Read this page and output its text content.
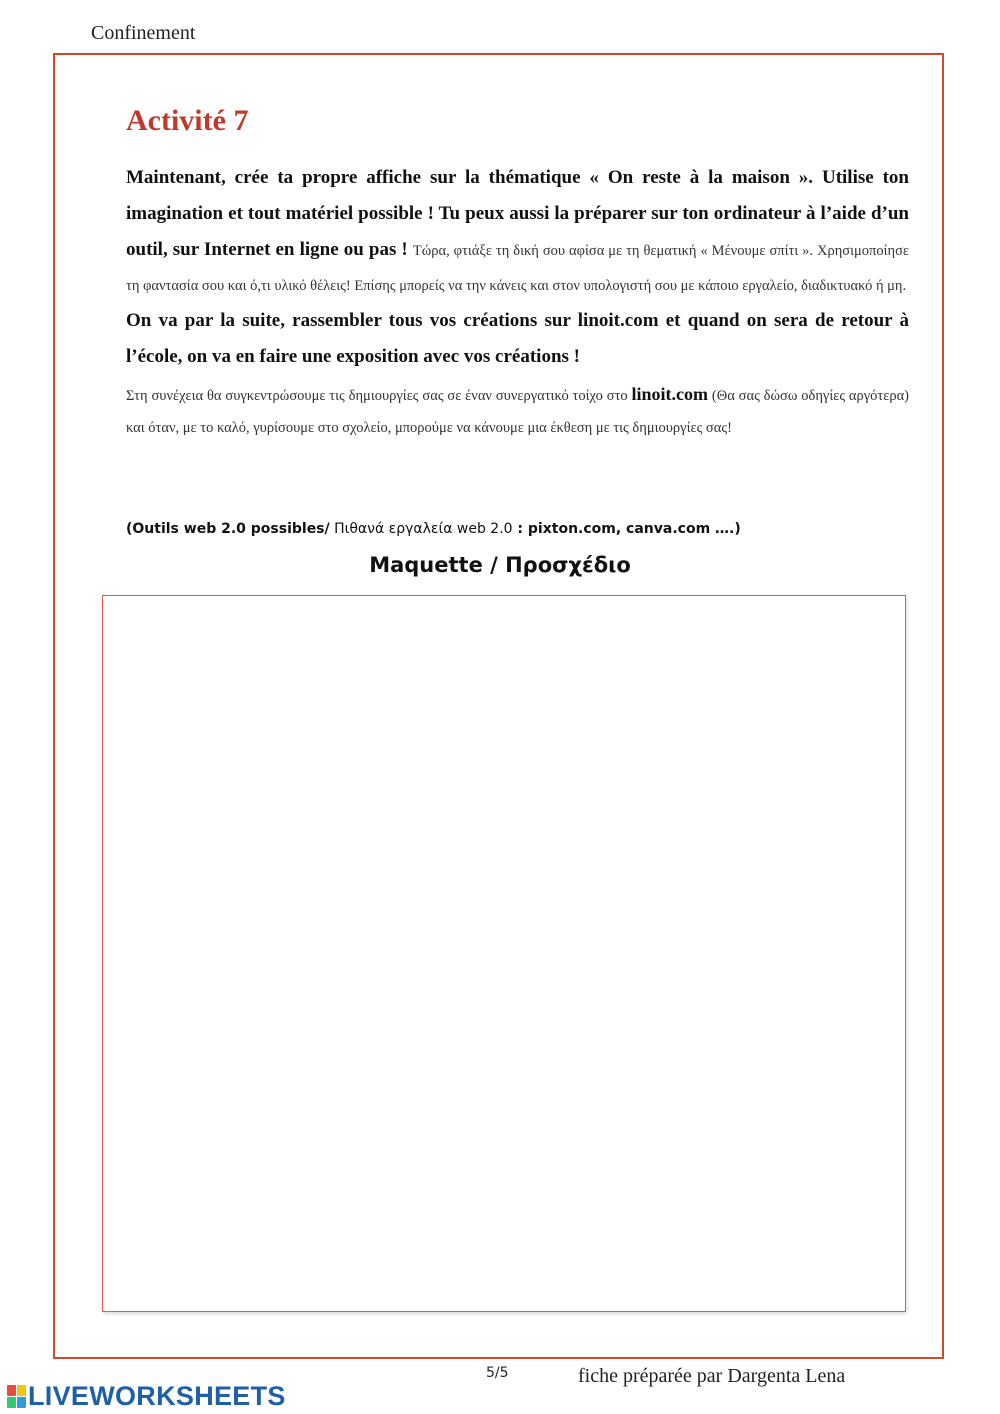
Confinement
Activité 7

Maintenant, crée ta propre affiche sur la thématique « On reste à la maison ». Utilise ton imagination et tout matériel possible ! Tu peux aussi la préparer sur ton ordinateur à l’aide d’un outil, sur Internet en ligne ou pas ! Τώρα, φτιάξε τη δική σου αφίσα με τη θεματική « Μένουμε σπίτι ». Χρησιμοποίησε τη φαντασία σου και ό,τι υλικό θέλεις! Επίσης μπορείς να την κάνεις και στον υπολογιστή σου με κάποιο εργαλείο, διαδικτυακό ή μη.

On va par la suite, rassembler tous vos créations sur linoit.com et quand on sera de retour à l’école, on va en faire une exposition avec vos créations !

Στη συνέχεια θα συγκεντρώσουμε τις δημιουργίες σας σε έναν συνεργατικό τοίχο στο linoit.com (Θα σας δώσω οδηγίες αργότερα) και όταν, με το καλό, γυρίσουμε στο σχολείο, μπορούμε να κάνουμε μια έκθεση με τις δημιουργίες σας!

(Outils web 2.0 possibles/ Πιθανά εργαλεία web 2.0 : pixton.com, canva.com ….)
Maquette / Προσχέδιο
5/5	fiche préparée par Dargenta Lena
LIVEWORKSHEETS
